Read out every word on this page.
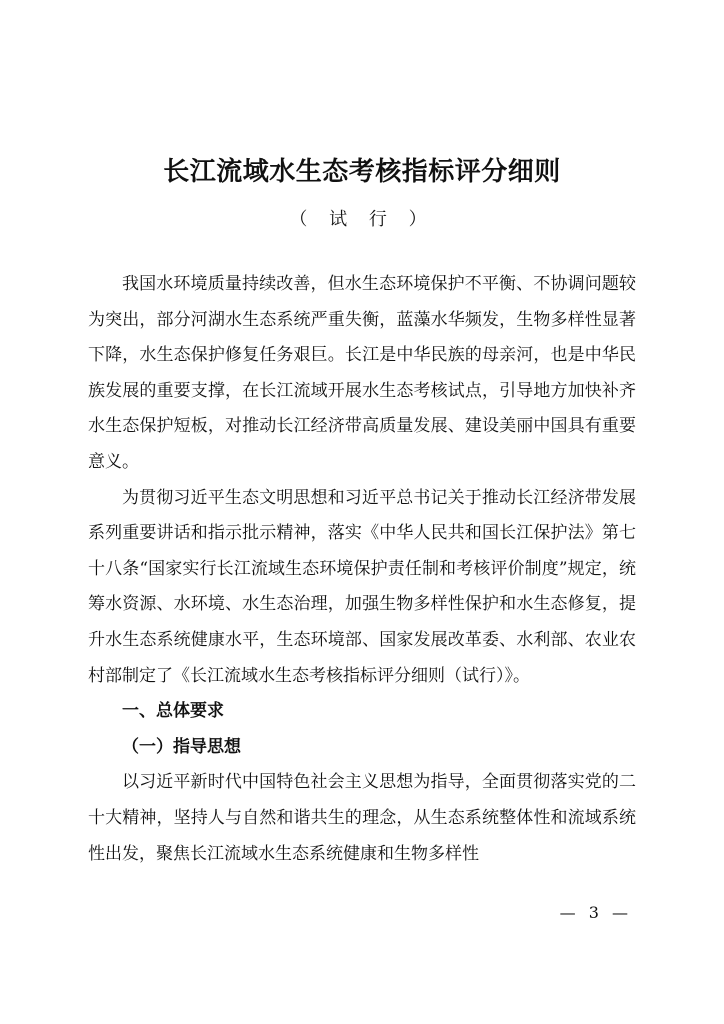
长江流域水生态考核指标评分细则
（ 试 行 ）

我国水环境质量持续改善，但水生态环境保护不平衡、不协调问题较为突出，部分河湖水生态系统严重失衡，蓝藻水华频发，生物多样性显著下降，水生态保护修复任务艰巨。长江是中华民族的母亲河，也是中华民族发展的重要支撑，在长江流域开展水生态考核试点，引导地方加快补齐水生态保护短板，对推动长江经济带高质量发展、建设美丽中国具有重要意义。

为贯彻习近平生态文明思想和习近平总书记关于推动长江经济带发展系列重要讲话和指示批示精神，落实《中华人民共和国长江保护法》第七十八条“国家实行长江流域生态环境保护责任制和考核评价制度”规定，统筹水资源、水环境、水生态治理，加强生物多样性保护和水生态修复，提升水生态系统健康水平，生态环境部、国家发展改革委、水利部、农业农村部制定了《长江流域水生态考核指标评分细则（试行）》。

一、总体要求

（一）指导思想

以习近平新时代中国特色社会主义思想为指导，全面贯彻落实党的二十大精神，坚持人与自然和谐共生的理念，从生态系统整体性和流域系统性出发，聚焦长江流域水生态系统健康和生物多样性

— 3 —
